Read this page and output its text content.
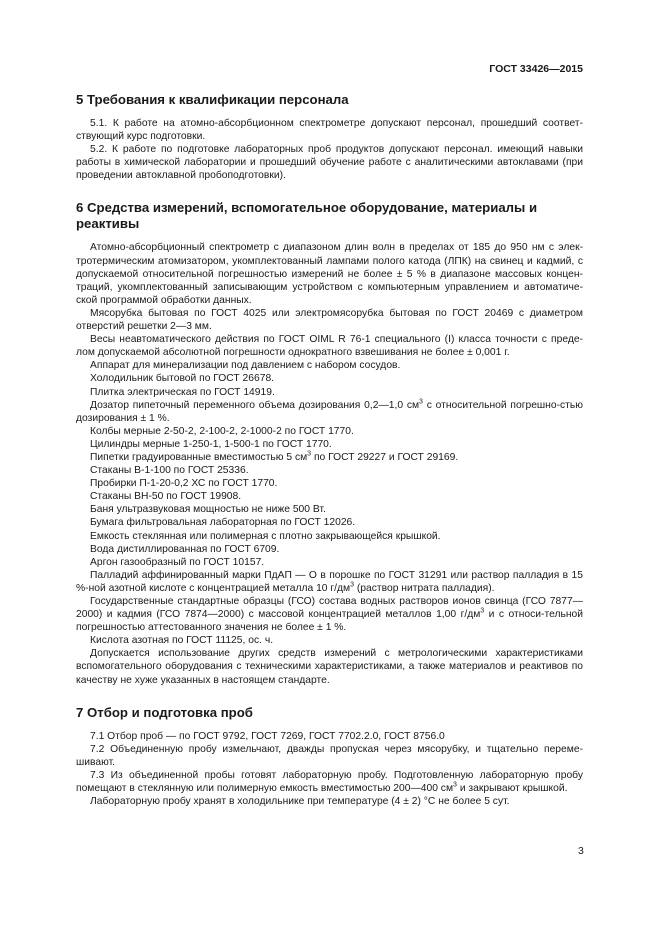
ГОСТ 33426—2015
5 Требования к квалификации персонала

5.1. К работе на атомно-абсорбционном спектрометре допускают персонал, прошедший соответ-ствующий курс подготовки.

5.2. К работе по подготовке лабораторных проб продуктов допускают персонал. имеющий навыки работы в химической лаборатории и прошедший обучение работе с аналитическими автоклавами (при проведении автоклавной пробоподготовки).

6 Средства измерений, вспомогательное оборудование, материалы и реактивы

Атомно-абсорбционный спектрометр с диапазоном длин волн в пределах от 185 до 950 нм с элек-тротермическим атомизатором, укомплектованный лампами полого катода (ЛПК) на свинец и кадмий, с допускаемой относительной погрешностью измерений не более ± 5 % в диапазоне массовых концен-траций, укомплектованный записывающим устройством с компьютерным управлением и автоматиче-ской программой обработки данных.

Мясорубка бытовая по ГОСТ 4025 или электромясорубка бытовая по ГОСТ 20469 с диаметром отверстий решетки 2—3 мм.

Весы неавтоматического действия по ГОСТ OIML R 76-1 специального (I) класса точности с преде-лом допускаемой абсолютной погрешности однократного взвешивания не более ± 0,001 г.

Аппарат для минерализации под давлением с набором сосудов.

Холодильник бытовой по ГОСТ 26678.

Плитка электрическая по ГОСТ 14919.

Дозатор пипеточный переменного объема дозирования 0,2—1,0 $см^3$ с относительной погрешно-стью дозирования ± 1 %.

Колбы мерные 2-50-2, 2-100-2, 2-1000-2 по ГОСТ 1770.

Цилиндры мерные 1-250-1, 1-500-1 по ГОСТ 1770.

Пипетки градуированные вместимостью 5 $см^3$ по ГОСТ 29227 и ГОСТ 29169.

Стаканы В-1-100 по ГОСТ 25336.

Пробирки П-1-20-0,2 ХС по ГОСТ 1770.

Стаканы ВН-50 по ГОСТ 19908.

Баня ультразвуковая мощностью не ниже 500 Вт.

Бумага фильтровальная лабораторная по ГОСТ 12026.

Емкость стеклянная или полимерная с плотно закрывающейся крышкой.

Вода дистиллированная по ГОСТ 6709.

Аргон газообразный по ГОСТ 10157.

Палладий аффинированный марки ПдАП — О в порошке по ГОСТ 31291 или раствор палладия в 15 %-ной азотной кислоте с концентрацией металла 10 $г/дм^3$ (раствор нитрата палладия).

Государственные стандартные образцы (ГСО) состава водных растворов ионов свинца (ГСО 7877—2000) и кадмия (ГСО 7874—2000) с массовой концентрацией металлов 1,00 $г/дм^3$ и с относи-тельной погрешностью аттестованного значения не более ± 1 %.

Кислота азотная по ГОСТ 11125, ос. ч.

Допускается использование других средств измерений с метрологическими характеристиками вспомогательного оборудования с техническими характеристиками, а также материалов и реактивов по качеству не хуже указанных в настоящем стандарте.

7 Отбор и подготовка проб

7.1 Отбор проб — по ГОСТ 9792, ГОСТ 7269, ГОСТ 7702.2.0, ГОСТ 8756.0

7.2 Объединенную пробу измельчают, дважды пропуская через мясорубку, и тщательно переме-шивают.

7.3 Из объединенной пробы готовят лабораторную пробу. Подготовленную лабораторную пробу помещают в стеклянную или полимерную емкость вместимостью 200—400 $см^3$ и закрывают крышкой.

Лабораторную пробу хранят в холодильнике при температуре (4 ± 2) °С не более 5 сут.

3
